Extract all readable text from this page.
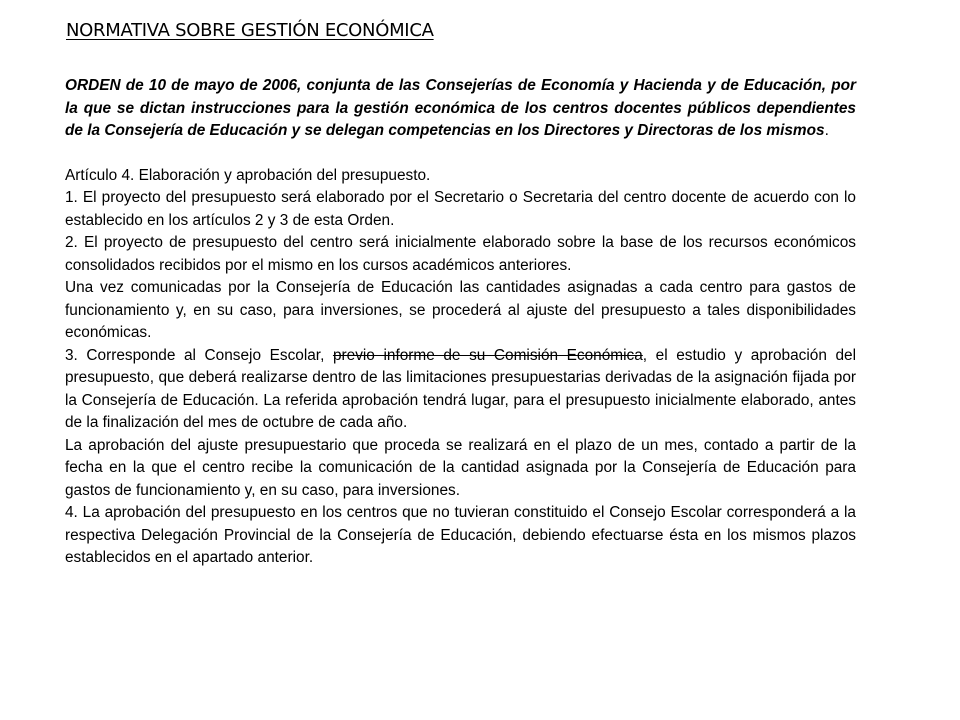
NORMATIVA SOBRE GESTIÓN ECONÓMICA

ORDEN de 10 de mayo de 2006, conjunta de las Consejerías de Economía y Hacienda y de Educación, por la que se dictan instrucciones para la gestión económica de los centros docentes públicos dependientes de la Consejería de Educación y se delegan competencias en los Directores y Directoras de los mismos.

Artículo 4. Elaboración y aprobación del presupuesto.

1. El proyecto del presupuesto será elaborado por el Secretario o Secretaria del centro docente de acuerdo con lo establecido en los artículos 2 y 3 de esta Orden.

2. El proyecto de presupuesto del centro será inicialmente elaborado sobre la base de los recursos económicos consolidados recibidos por el mismo en los cursos académicos anteriores.

Una vez comunicadas por la Consejería de Educación las cantidades asignadas a cada centro para gastos de funcionamiento y, en su caso, para inversiones, se procederá al ajuste del presupuesto a tales disponibilidades económicas.

3. Corresponde al Consejo Escolar, previo informe de su Comisión Económica, el estudio y aprobación del presupuesto, que deberá realizarse dentro de las limitaciones presupuestarias derivadas de la asignación fijada por la Consejería de Educación. La referida aprobación tendrá lugar, para el presupuesto inicialmente elaborado, antes de la finalización del mes de octubre de cada año.

La aprobación del ajuste presupuestario que proceda se realizará en el plazo de un mes, contado a partir de la fecha en la que el centro recibe la comunicación de la cantidad asignada por la Consejería de Educación para gastos de funcionamiento y, en su caso, para inversiones.

4. La aprobación del presupuesto en los centros que no tuvieran constituido el Consejo Escolar corresponderá a la respectiva Delegación Provincial de la Consejería de Educación, debiendo efectuarse ésta en los mismos plazos establecidos en el apartado anterior.
